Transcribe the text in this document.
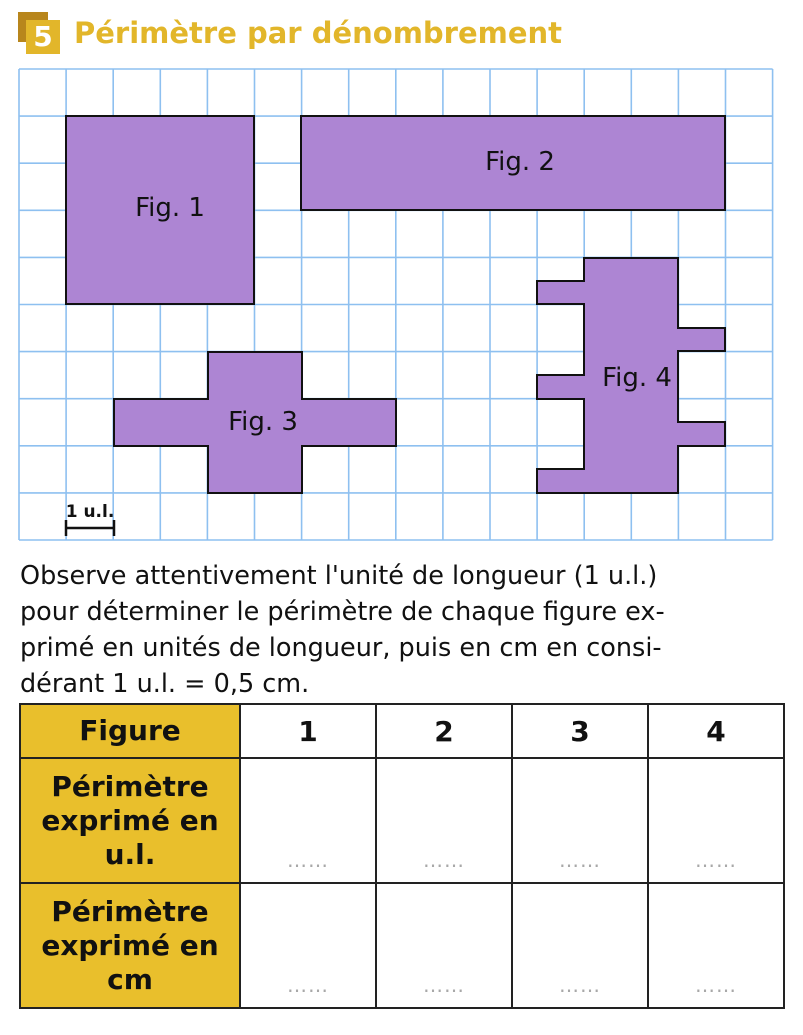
5 Périmètre par dénombrement
Fig. 1
Fig. 2
Fig. 3
Fig. 4
1 u.l.
Observe attentivement l'unité de longueur (1 u.l.)
pour déterminer le périmètre de chaque figure ex-
primé en unités de longueur, puis en cm en consi-
dérant 1 u.l. = 0,5 cm.
Figure	1	2	3	4

Périmètre
exprimé en
u.l.	……	……	……	……

Périmètre
exprimé en
cm	……	……	……	……
